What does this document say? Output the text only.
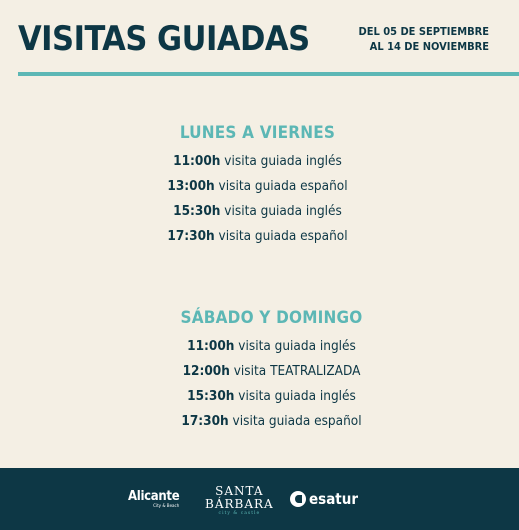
VISITAS GUIADAS	DEL 05 DE SEPTIEMBRE
AL 14 DE NOVIEMBRE
LUNES A VIERNES
11:00h visita guiada inglés
13:00h visita guiada español
15:30h visita guiada inglés
17:30h visita guiada español
SÁBADO Y DOMINGO
11:00h visita guiada inglés
12:00h visita TEATRALIZADA
15:30h visita guiada inglés
17:30h visita guiada español
Alicante
City & Beach
SANTA
BÁRBARA
city & castle
esatur
